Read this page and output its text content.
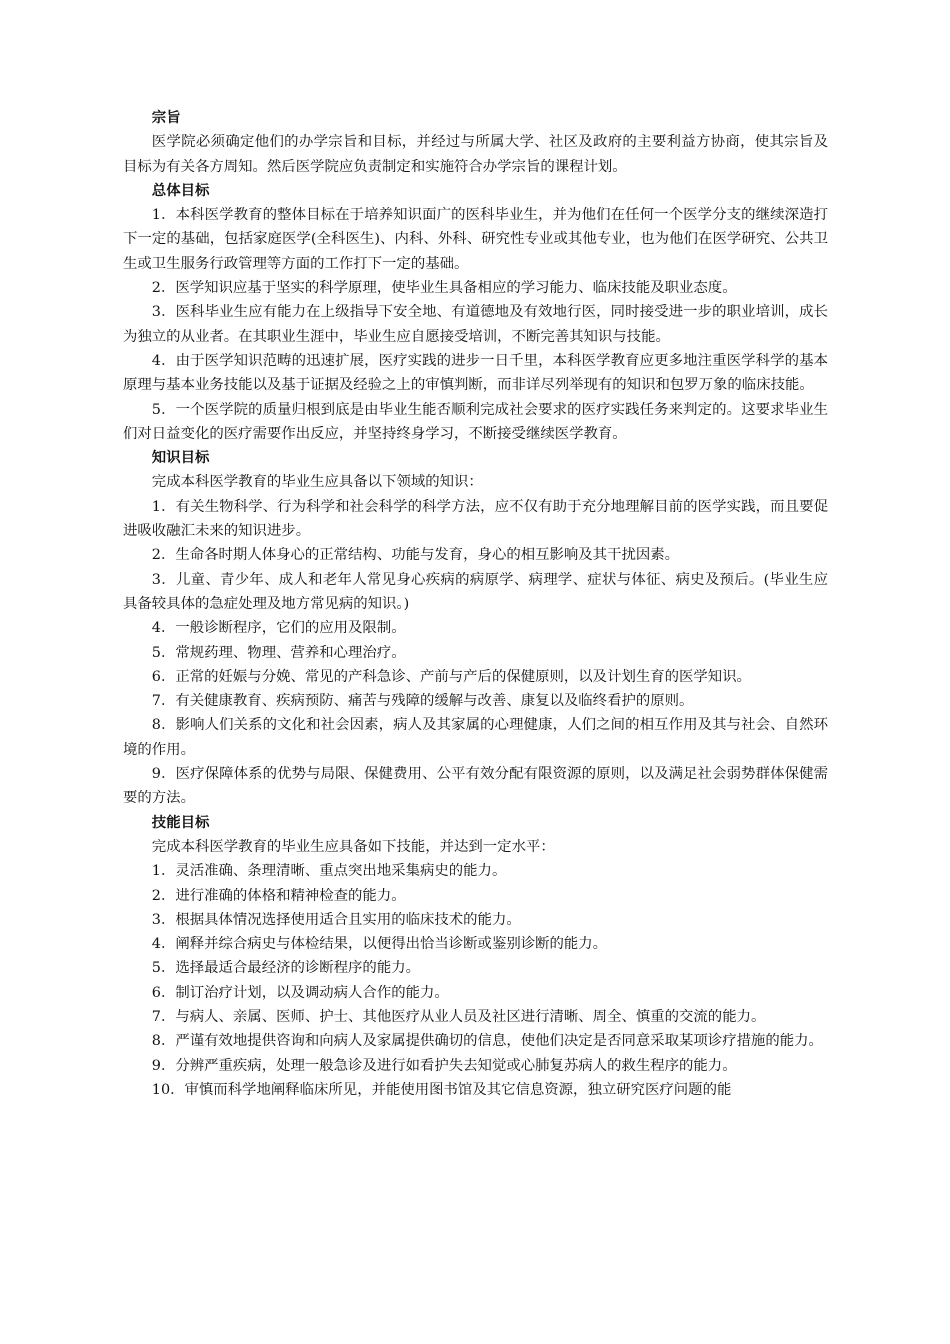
宗旨

医学院必须确定他们的办学宗旨和目标，并经过与所属大学、社区及政府的主要利益方协商，使其宗旨及目标为有关各方周知。然后医学院应负责制定和实施符合办学宗旨的课程计划。

总体目标

1．本科医学教育的整体目标在于培养知识面广的医科毕业生，并为他们在任何一个医学分支的继续深造打下一定的基础，包括家庭医学(全科医生)、内科、外科、研究性专业或其他专业，也为他们在医学研究、公共卫生或卫生服务行政管理等方面的工作打下一定的基础。

2．医学知识应基于坚实的科学原理，使毕业生具备相应的学习能力、临床技能及职业态度。

3．医科毕业生应有能力在上级指导下安全地、有道德地及有效地行医，同时接受进一步的职业培训，成长为独立的从业者。在其职业生涯中，毕业生应自愿接受培训，不断完善其知识与技能。

4．由于医学知识范畴的迅速扩展，医疗实践的进步一日千里，本科医学教育应更多地注重医学科学的基本原理与基本业务技能以及基于证据及经验之上的审慎判断，而非详尽列举现有的知识和包罗万象的临床技能。

5．一个医学院的质量归根到底是由毕业生能否顺利完成社会要求的医疗实践任务来判定的。这要求毕业生们对日益变化的医疗需要作出反应，并坚持终身学习，不断接受继续医学教育。

知识目标

完成本科医学教育的毕业生应具备以下领域的知识：

1．有关生物科学、行为科学和社会科学的科学方法，应不仅有助于充分地理解目前的医学实践，而且要促进吸收融汇未来的知识进步。

2．生命各时期人体身心的正常结构、功能与发育，身心的相互影响及其干扰因素。

3．儿童、青少年、成人和老年人常见身心疾病的病原学、病理学、症状与体征、病史及预后。(毕业生应具备较具体的急症处理及地方常见病的知识。)

4．一般诊断程序，它们的应用及限制。

5．常规药理、物理、营养和心理治疗。

6．正常的妊娠与分娩、常见的产科急诊、产前与产后的保健原则，以及计划生育的医学知识。

7．有关健康教育、疾病预防、痛苦与残障的缓解与改善、康复以及临终看护的原则。

8．影响人们关系的文化和社会因素，病人及其家属的心理健康，人们之间的相互作用及其与社会、自然环境的作用。

9．医疗保障体系的优势与局限、保健费用、公平有效分配有限资源的原则，以及满足社会弱势群体保健需要的方法。

技能目标

完成本科医学教育的毕业生应具备如下技能，并达到一定水平：

1．灵活准确、条理清晰、重点突出地采集病史的能力。

2．进行准确的体格和精神检查的能力。

3．根据具体情况选择使用适合且实用的临床技术的能力。

4．阐释并综合病史与体检结果，以便得出恰当诊断或鉴别诊断的能力。

5．选择最适合最经济的诊断程序的能力。

6．制订治疗计划，以及调动病人合作的能力。

7．与病人、亲属、医师、护士、其他医疗从业人员及社区进行清晰、周全、慎重的交流的能力。

8．严谨有效地提供咨询和向病人及家属提供确切的信息，使他们决定是否同意采取某项诊疗措施的能力。

9．分辨严重疾病，处理一般急诊及进行如看护失去知觉或心肺复苏病人的救生程序的能力。

10．审慎而科学地阐释临床所见，并能使用图书馆及其它信息资源，独立研究医疗问题的能
